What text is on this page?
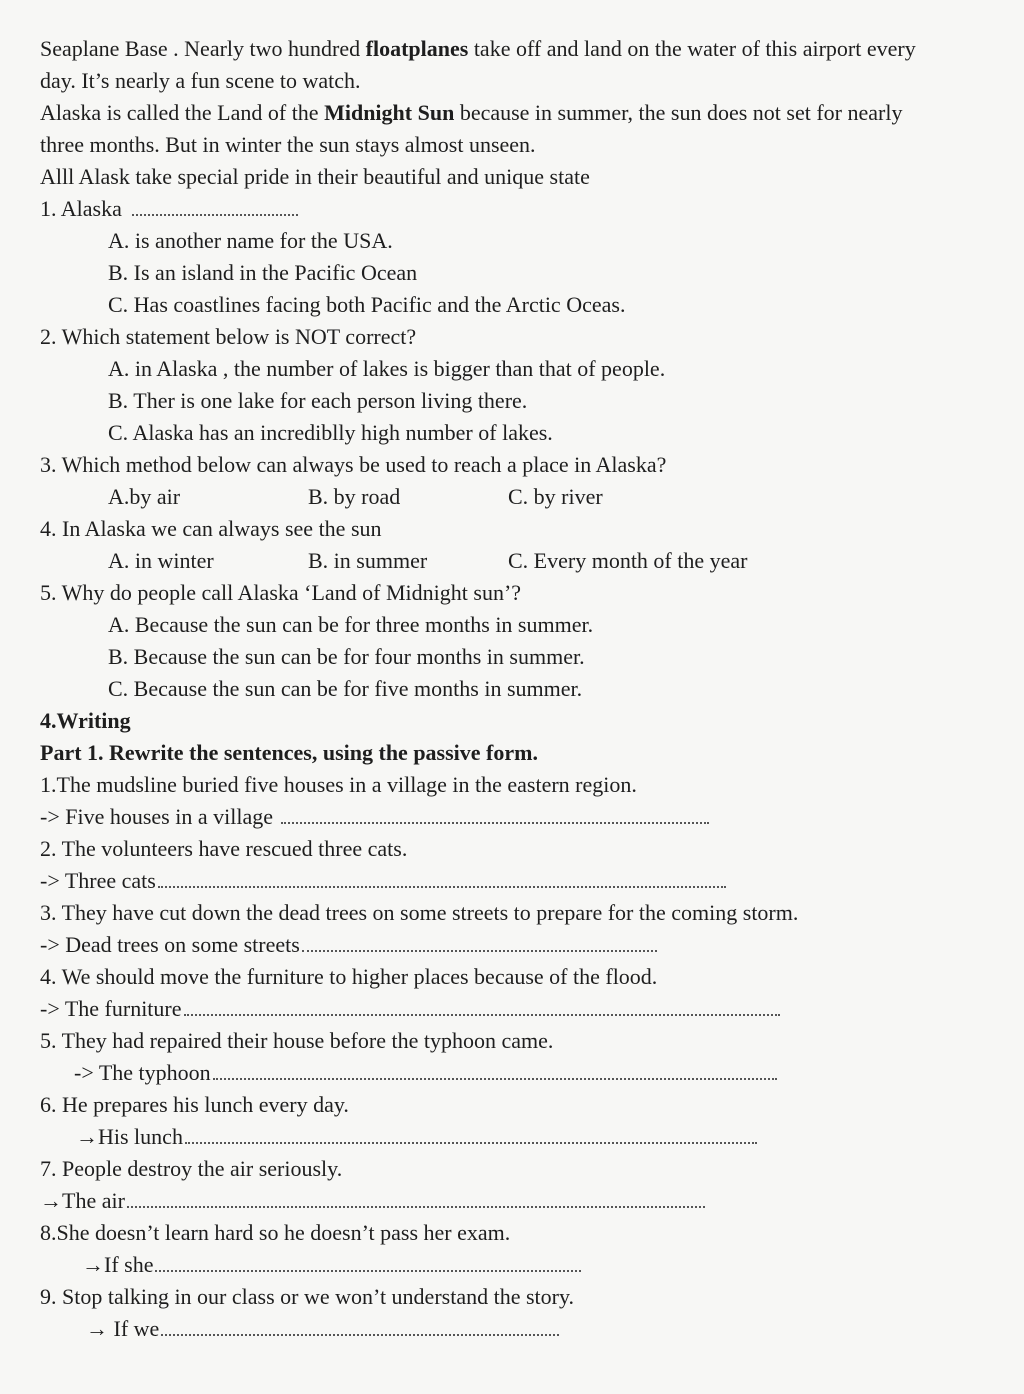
Seaplane Base . Nearly two hundred floatplanes take off and land on the water of this airport every
day. It’s nearly a fun scene to watch.
Alaska is called the Land of the Midnight Sun because in summer, the sun does not set for nearly
three months. But in winter the sun stays almost unseen.
Alll Alask take special pride in their beautiful and unique state
1. Alaska
A. is another name for the USA.
B. Is an island in the Pacific Ocean
C. Has coastlines facing both Pacific and the Arctic Oceas.
2. Which statement below is NOT correct?
A. in Alaska , the number of lakes is bigger than that of people.
B. Ther is one lake for each person living there.
C. Alaska has an incrediblly high number of lakes.
3. Which method below can always be used to reach a place in Alaska?
A.by air	B. by road	C. by river
4. In Alaska we can always see the sun
A. in winter	B. in summer	C. Every month of the year
5. Why do people call Alaska ‘Land of Midnight sun’?
A. Because the sun can be for three months in summer.
B. Because the sun can be for four months in summer.
C. Because the sun can be for five months in summer.
4.Writing
Part 1. Rewrite the sentences, using the passive form.
1.The mudsline buried five houses in a village in the eastern region.
-> Five houses in a village
2. The volunteers have rescued three cats.
-> Three cats
3. They have cut down the dead trees on some streets to prepare for the coming storm.
-> Dead trees on some streets
4. We should move the furniture to higher places because of the flood.
-> The furniture
5. They had repaired their house before the typhoon came.
-> The typhoon
6. He prepares his lunch every day.
→His lunch
7. People destroy the air seriously.
→The air
8.She doesn’t learn hard so he doesn’t pass her exam.
→If she
9. Stop talking in our class or we won’t understand the story.
→ If we
